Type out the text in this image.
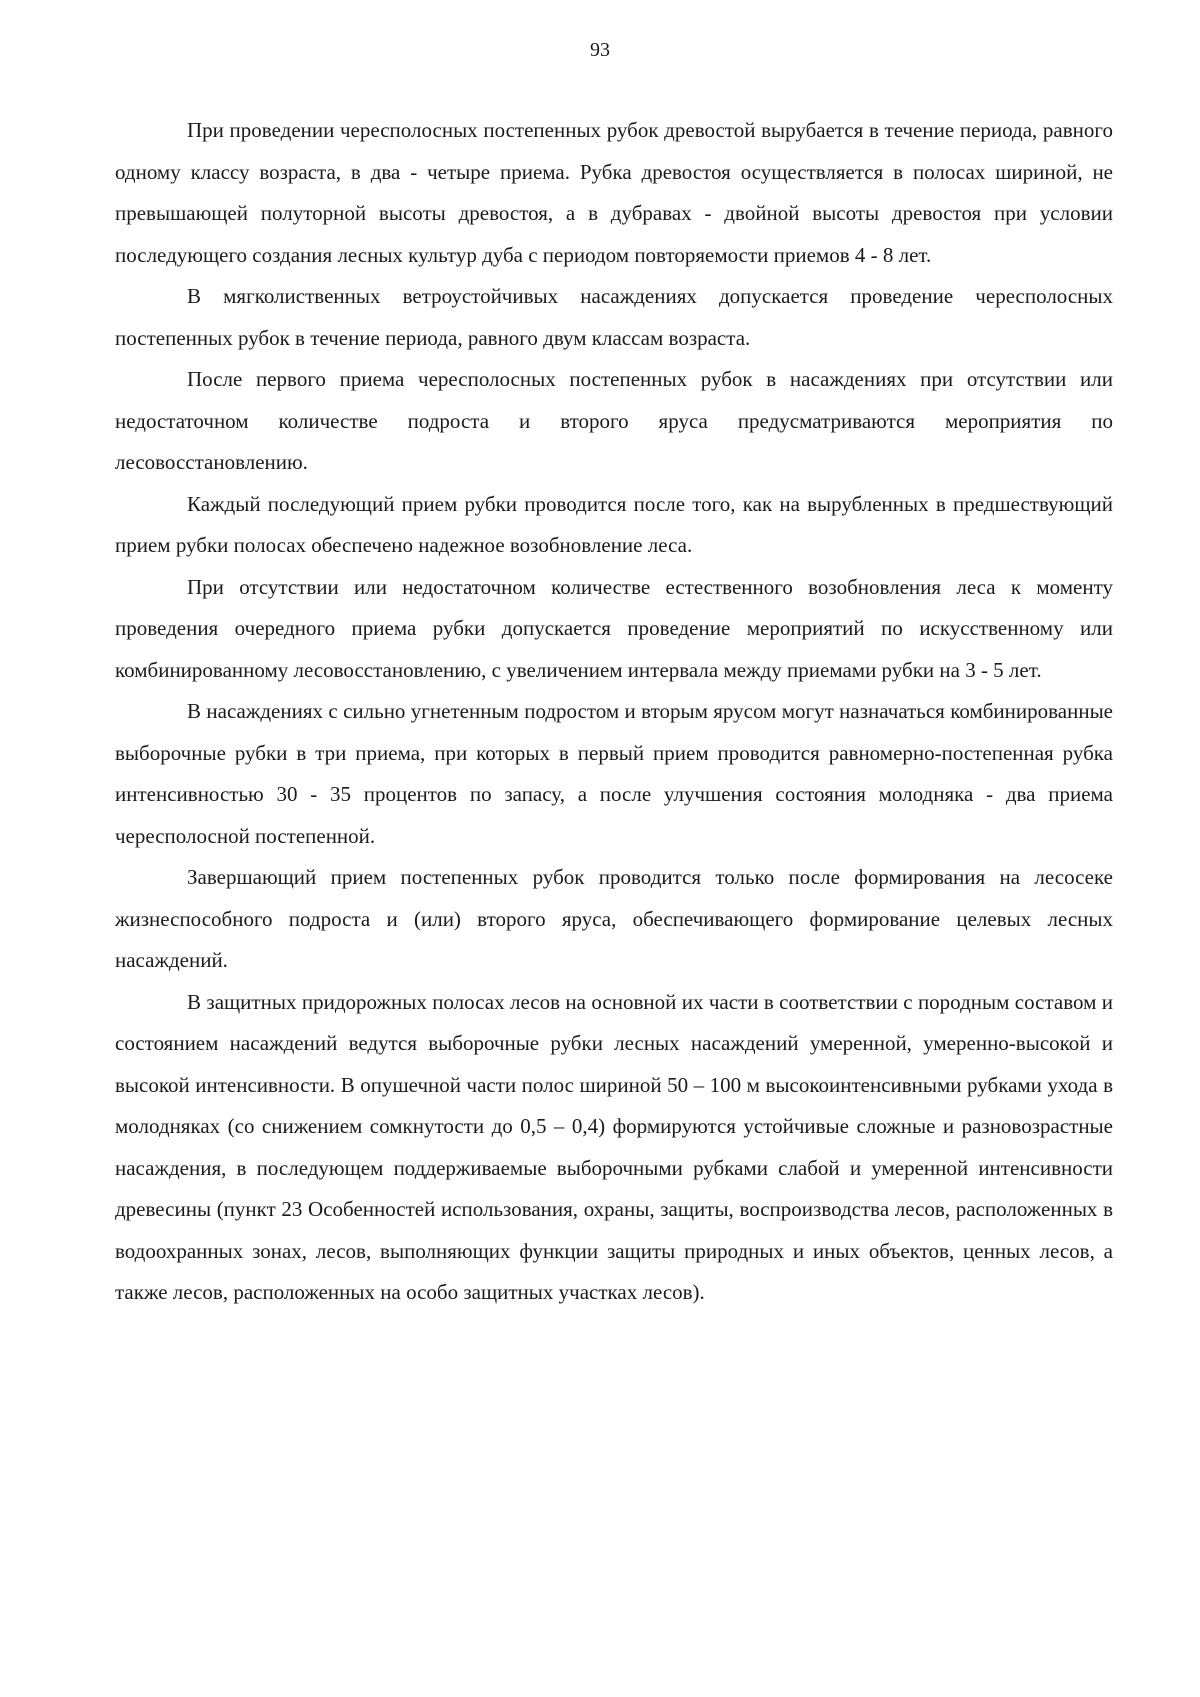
93

При проведении чересполосных постепенных рубок древостой вырубается в течение периода, равного одному классу возраста, в два - четыре приема. Рубка древостоя осуществляется в полосах шириной, не превышающей полуторной высоты древостоя, а в дубравах - двойной высоты древостоя при условии последующего создания лесных культур дуба с периодом повторяемости приемов 4 - 8 лет.

В мягколиственных ветроустойчивых насаждениях допускается проведение чересполосных постепенных рубок в течение периода, равного двум классам возраста.

После первого приема чересполосных постепенных рубок в насаждениях при отсутствии или недостаточном количестве подроста и второго яруса предусматриваются мероприятия по лесовосстановлению.

Каждый последующий прием рубки проводится после того, как на вырубленных в предшествующий прием рубки полосах обеспечено надежное возобновление леса.

При отсутствии или недостаточном количестве естественного возобновления леса к моменту проведения очередного приема рубки допускается проведение мероприятий по искусственному или комбинированному лесовосстановлению, с увеличением интервала между приемами рубки на 3 - 5 лет.

В насаждениях с сильно угнетенным подростом и вторым ярусом могут назначаться комбинированные выборочные рубки в три приема, при которых в первый прием проводится равномерно-постепенная рубка интенсивностью 30 - 35 процентов по запасу, а после улучшения состояния молодняка - два приема чересполосной постепенной.

Завершающий прием постепенных рубок проводится только после формирования на лесосеке жизнеспособного подроста и (или) второго яруса, обеспечивающего формирование целевых лесных насаждений.

В защитных придорожных полосах лесов на основной их части в соответствии с породным составом и состоянием насаждений ведутся выборочные рубки лесных насаждений умеренной, умеренно-высокой и высокой интенсивности. В опушечной части полос шириной 50 – 100 м высокоинтенсивными рубками ухода в молодняках (со снижением сомкнутости до 0,5 – 0,4) формируются устойчивые сложные и разновозрастные насаждения, в последующем поддерживаемые выборочными рубками слабой и умеренной интенсивности древесины (пункт 23 Особенностей использования, охраны, защиты, воспроизводства лесов, расположенных в водоохранных зонах, лесов, выполняющих функции защиты природных и иных объектов, ценных лесов, а также лесов, расположенных на особо защитных участках лесов).
